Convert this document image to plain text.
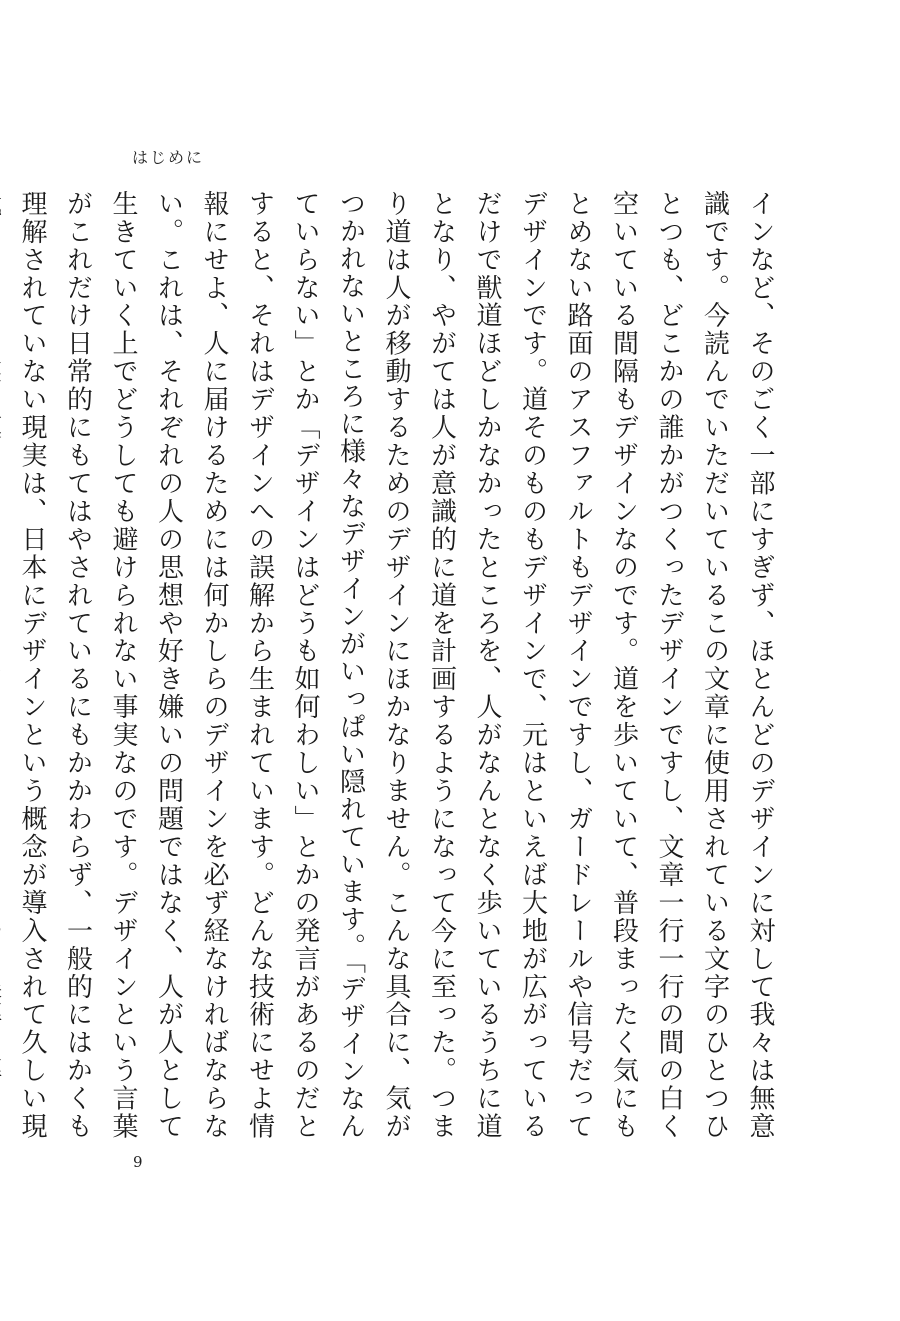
はじめに
インなど、そのごく一部にすぎず、ほとんどのデザインに対して我々は無意識です。今読んでいただいているこの文章に使用されている文字のひとつひとつも、どこかの誰かがつくったデザインですし、文章一行一行の間の白く空いている間隔もデザインなのです。道を歩いていて、普段まったく気にもとめない路面のアスファルトもデザインですし、ガードレールや信号だってデザインです。道そのものもデザインで、元はといえば大地が広がっているだけで獣道ほどしかなかったところを、人がなんとなく歩いているうちに道となり、やがては人が意識的に道を計画するようになって今に至った。つまり道は人が移動するためのデザインにほかなりません。こんな具合に、気がつかれないところに様々なデザインがいっぱい隠れています。「デザインなんていらない」とか「デザインはどうも如何わしい」とかの発言があるのだとすると、それはデザインへの誤解から生まれています。どんな技術にせよ情報にせよ、人に届けるためには何かしらのデザインを必ず経なければならない。これは、それぞれの人の思想や好き嫌いの問題ではなく、人が人として生きていく上でどうしても避けられない事実なのです。デザインという言葉がこれだけ日常的にもてはやされているにもかかわらず、一般的にはかくも理解されていない現実は、日本にデザインという概念が導入されて久しい現
9
